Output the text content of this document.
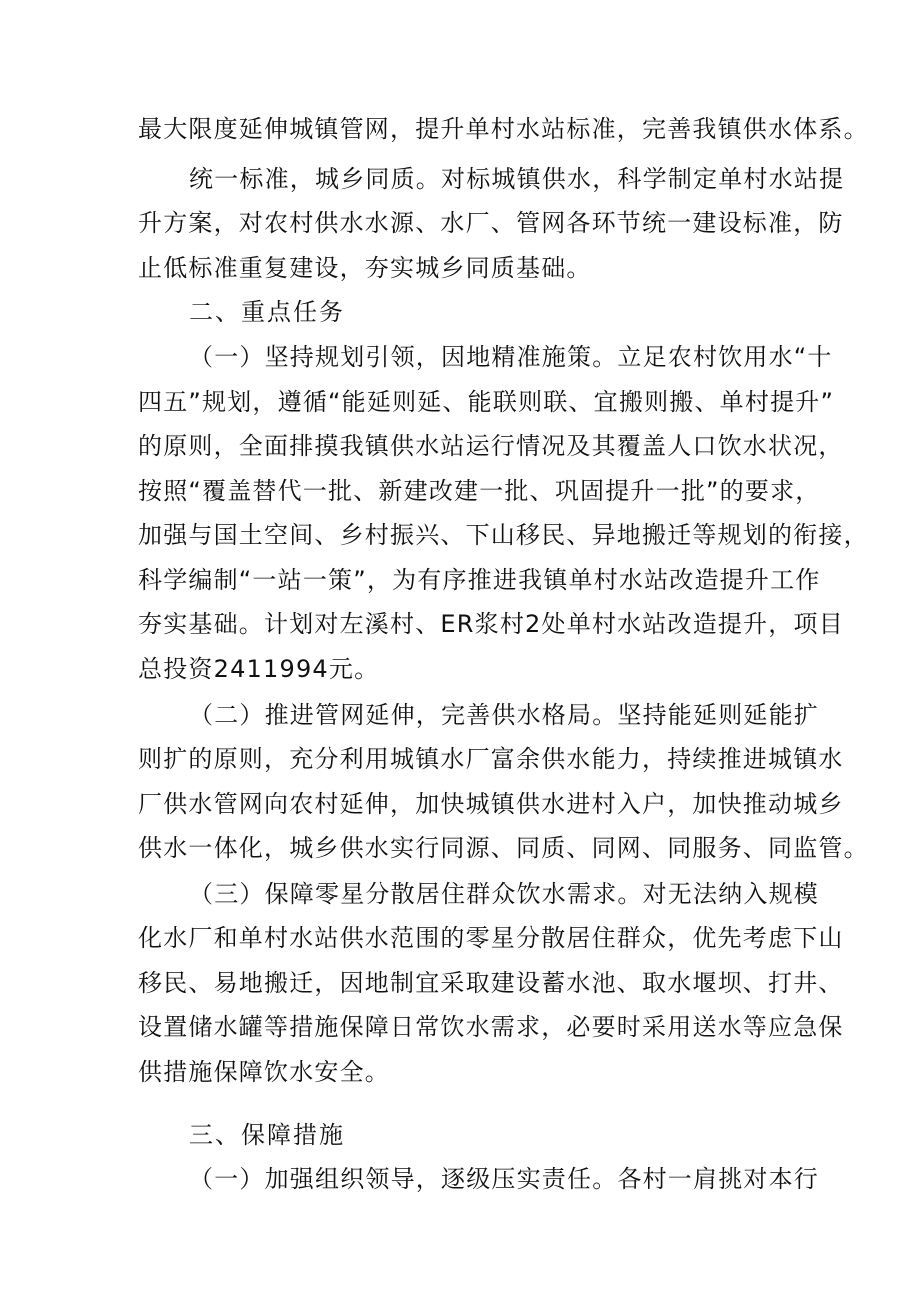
最大限度延伸城镇管网，提升单村水站标准，完善我镇供水体系。
统一标准，城乡同质。对标城镇供水，科学制定单村水站提
升方案，对农村供水水源、水厂、管网各环节统一建设标准，防
止低标准重复建设，夯实城乡同质基础。
二、重点任务
（一）坚持规划引领，因地精准施策。立足农村饮用水“十
四五”规划，遵循“能延则延、能联则联、宜搬则搬、单村提升”
的原则，全面排摸我镇供水站运行情况及其覆盖人口饮水状况，
按照“覆盖替代一批、新建改建一批、巩固提升一批”的要求，
加强与国土空间、乡村振兴、下山移民、异地搬迁等规划的衔接，
科学编制“一站一策”，为有序推进我镇单村水站改造提升工作
夯实基础。计划对左溪村、ER浆村2处单村水站改造提升，项目
总投资2411994元。
（二）推进管网延伸，完善供水格局。坚持能延则延能扩
则扩的原则，充分利用城镇水厂富余供水能力，持续推进城镇水
厂供水管网向农村延伸，加快城镇供水进村入户，加快推动城乡
供水一体化，城乡供水实行同源、同质、同网、同服务、同监管。
（三）保障零星分散居住群众饮水需求。对无法纳入规模
化水厂和单村水站供水范围的零星分散居住群众，优先考虑下山
移民、易地搬迁，因地制宜采取建设蓄水池、取水堰坝、打井、
设置储水罐等措施保障日常饮水需求，必要时采用送水等应急保
供措施保障饮水安全。
三、保障措施
（一）加强组织领导，逐级压实责任。各村一肩挑对本行
